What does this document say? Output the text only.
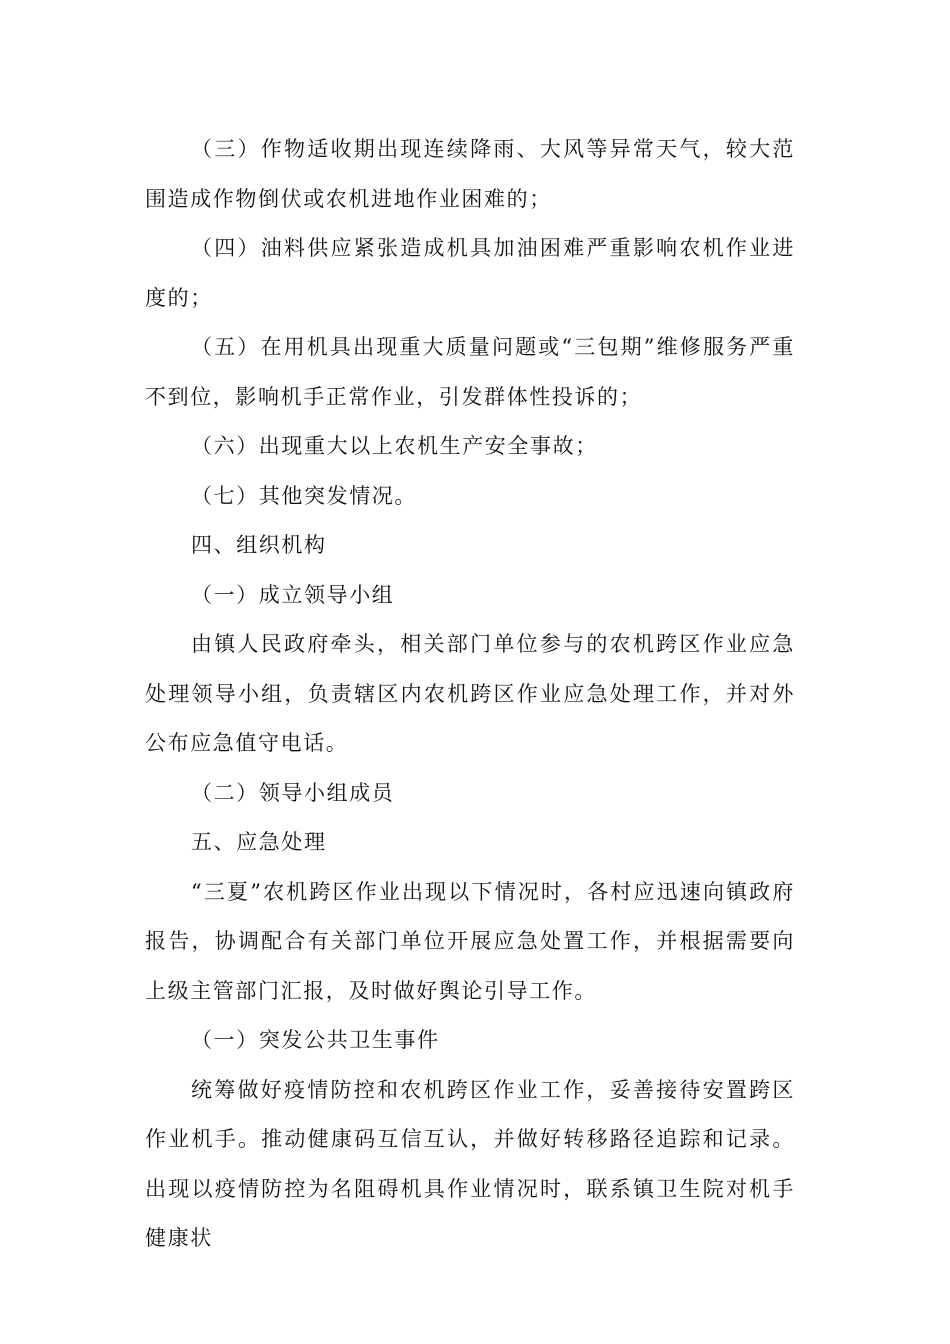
（三）作物适收期出现连续降雨、大风等异常天气，较大范围造成作物倒伏或农机进地作业困难的；

（四）油料供应紧张造成机具加油困难严重影响农机作业进度的；

（五）在用机具出现重大质量问题或“三包期”维修服务严重不到位，影响机手正常作业，引发群体性投诉的；

（六）出现重大以上农机生产安全事故；

（七）其他突发情况。

四、组织机构

（一）成立领导小组

由镇人民政府牵头，相关部门单位参与的农机跨区作业应急处理领导小组，负责辖区内农机跨区作业应急处理工作，并对外公布应急值守电话。

（二）领导小组成员

五、应急处理

“三夏”农机跨区作业出现以下情况时，各村应迅速向镇政府报告，协调配合有关部门单位开展应急处置工作，并根据需要向上级主管部门汇报，及时做好舆论引导工作。

（一）突发公共卫生事件

统筹做好疫情防控和农机跨区作业工作，妥善接待安置跨区作业机手。推动健康码互信互认，并做好转移路径追踪和记录。出现以疫情防控为名阻碍机具作业情况时，联系镇卫生院对机手健康状
